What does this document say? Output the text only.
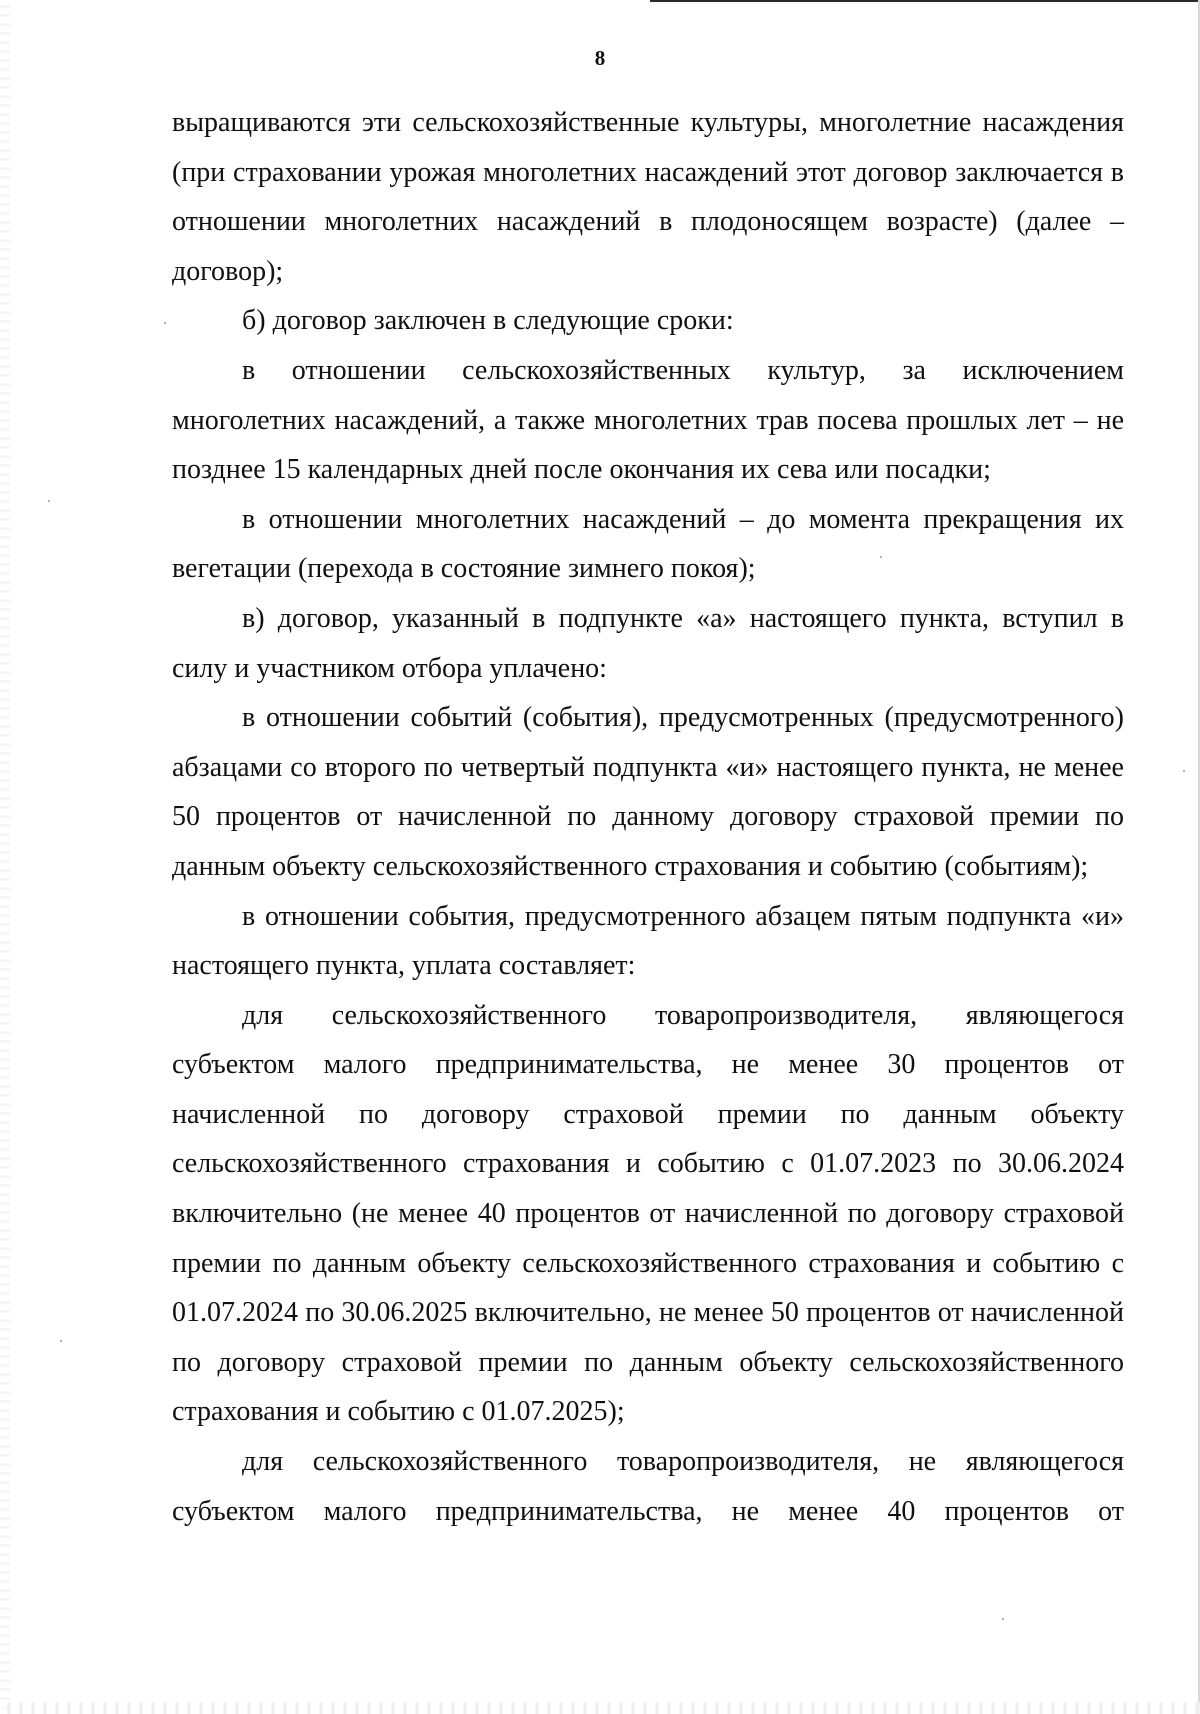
8

выращиваются эти сельскохозяйственные культуры, многолетние насаждения (при страховании урожая многолетних насаждений этот договор заключается в отношении многолетних насаждений в плодоносящем возрасте) (далее – договор);

б) договор заключен в следующие сроки:

в отношении сельскохозяйственных культур, за исключением многолетних насаждений, а также многолетних трав посева прошлых лет – не позднее 15 календарных дней после окончания их сева или посадки;

в отношении многолетних насаждений – до момента прекращения их вегетации (перехода в состояние зимнего покоя);

в) договор, указанный в подпункте «а» настоящего пункта, вступил в силу и участником отбора уплачено:

в отношении событий (события), предусмотренных (предусмотренного) абзацами со второго по четвертый подпункта «и» настоящего пункта, не менее 50 процентов от начисленной по данному договору страховой премии по данным объекту сельскохозяйственного страхования и событию (событиям);

в отношении события, предусмотренного абзацем пятым подпункта «и» настоящего пункта, уплата составляет:

для сельскохозяйственного товаропроизводителя, являющегося субъектом малого предпринимательства, не менее 30 процентов от начисленной по договору страховой премии по данным объекту сельскохозяйственного страхования и событию с 01.07.2023 по 30.06.2024 включительно (не менее 40 процентов от начисленной по договору страховой премии по данным объекту сельскохозяйственного страхования и событию с 01.07.2024 по 30.06.2025 включительно, не менее 50 процентов от начисленной по договору страховой премии по данным объекту сельскохозяйственного страхования и событию с 01.07.2025);

для сельскохозяйственного товаропроизводителя, не являющегося субъектом малого предпринимательства, не менее 40 процентов от
